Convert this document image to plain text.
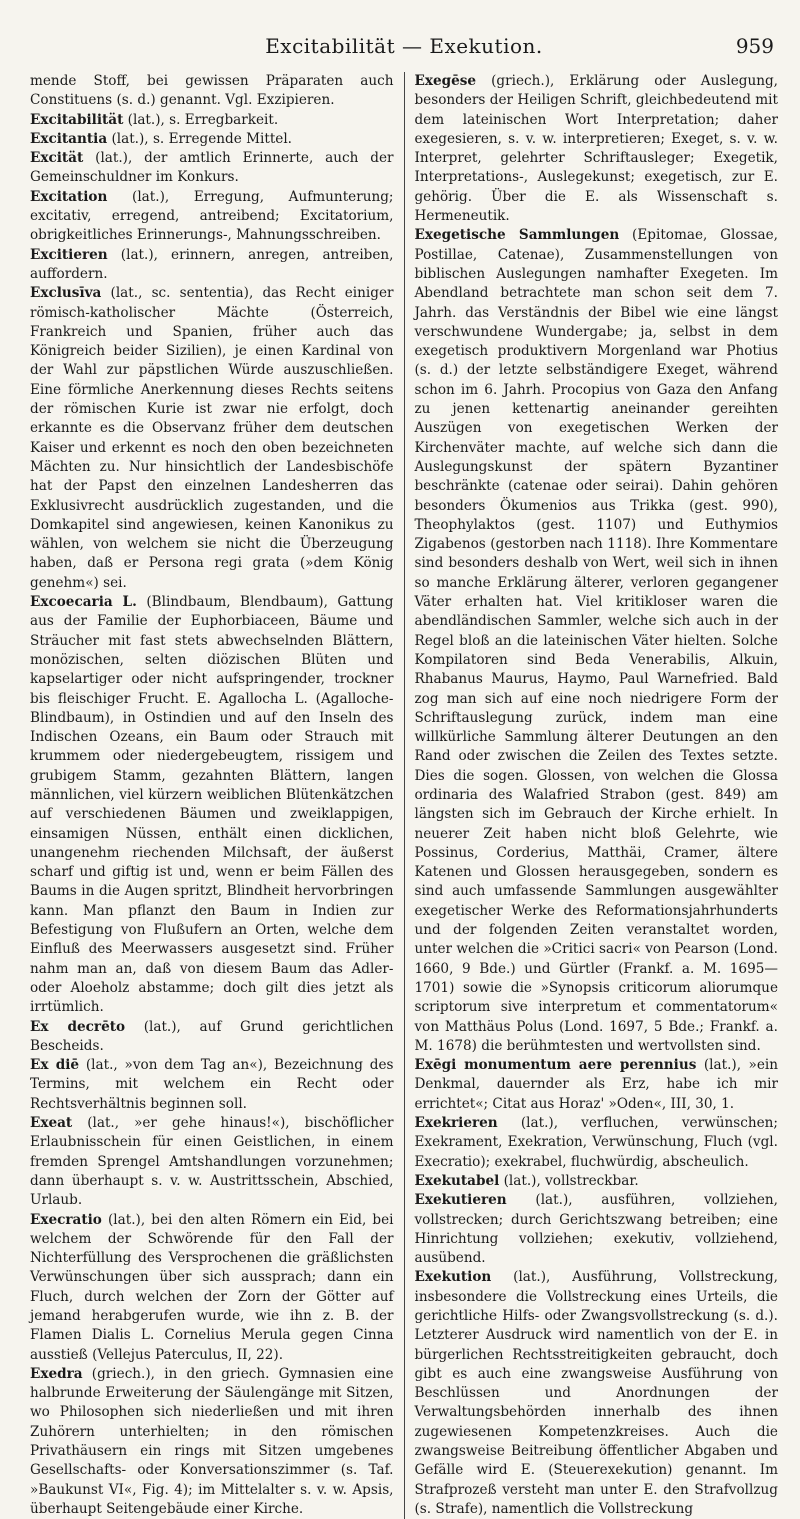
Excitabilität — Exekution.	959

mende Stoff, bei gewissen Präparaten auch Constituens (s. d.) genannt. Vgl. Exzipieren.

Excitabilität (lat.), s. Erregbarkeit.

Excitantia (lat.), s. Erregende Mittel.

Excität (lat.), der amtlich Erinnerte, auch der Gemeinschuldner im Konkurs.

Excitation (lat.), Erregung, Aufmunterung; excitativ, erregend, antreibend; Excitatorium, obrigkeitliches Erinnerungs-, Mahnungsschreiben.

Excitieren (lat.), erinnern, anregen, antreiben, auffordern.

Exclusīva (lat., sc. sententia), das Recht einiger römisch-katholischer Mächte (Österreich, Frankreich und Spanien, früher auch das Königreich beider Sizilien), je einen Kardinal von der Wahl zur päpstlichen Würde auszuschließen. Eine förmliche Anerkennung dieses Rechts seitens der römischen Kurie ist zwar nie erfolgt, doch erkannte es die Observanz früher dem deutschen Kaiser und erkennt es noch den oben bezeichneten Mächten zu. Nur hinsichtlich der Landesbischöfe hat der Papst den einzelnen Landesherren das Exklusivrecht ausdrücklich zugestanden, und die Domkapitel sind angewiesen, keinen Kanonikus zu wählen, von welchem sie nicht die Überzeugung haben, daß er Persona regi grata (»dem König genehm«) sei.

Excoecaria L. (Blindbaum, Blendbaum), Gattung aus der Familie der Euphorbiaceen, Bäume und Sträucher mit fast stets abwechselnden Blättern, monözischen, selten diözischen Blüten und kapselartiger oder nicht aufspringender, trockner bis fleischiger Frucht. E. Agallocha L. (Agalloche-Blindbaum), in Ostindien und auf den Inseln des Indischen Ozeans, ein Baum oder Strauch mit krummem oder niedergebeugtem, rissigem und grubigem Stamm, gezahnten Blättern, langen männlichen, viel kürzern weiblichen Blütenkätzchen auf verschiedenen Bäumen und zweiklappigen, einsamigen Nüssen, enthält einen dicklichen, unangenehm riechenden Milchsaft, der äußerst scharf und giftig ist und, wenn er beim Fällen des Baums in die Augen spritzt, Blindheit hervorbringen kann. Man pflanzt den Baum in Indien zur Befestigung von Flußufern an Orten, welche dem Einfluß des Meerwassers ausgesetzt sind. Früher nahm man an, daß von diesem Baum das Adler- oder Aloeholz abstamme; doch gilt dies jetzt als irrtümlich.

Ex decrēto (lat.), auf Grund gerichtlichen Bescheids.

Ex diē (lat., »von dem Tag an«), Bezeichnung des Termins, mit welchem ein Recht oder Rechtsverhältnis beginnen soll.

Exeat (lat., »er gehe hinaus!«), bischöflicher Erlaubnisschein für einen Geistlichen, in einem fremden Sprengel Amtshandlungen vorzunehmen; dann überhaupt s. v. w. Austrittsschein, Abschied, Urlaub.

Execratio (lat.), bei den alten Römern ein Eid, bei welchem der Schwörende für den Fall der Nichterfüllung des Versprochenen die gräßlichsten Verwünschungen über sich aussprach; dann ein Fluch, durch welchen der Zorn der Götter auf jemand herabgerufen wurde, wie ihn z. B. der Flamen Dialis L. Cornelius Merula gegen Cinna ausstieß (Vellejus Paterculus, II, 22).

Exedra (griech.), in den griech. Gymnasien eine halbrunde Erweiterung der Säulengänge mit Sitzen, wo Philosophen sich niederließen und mit ihren Zuhörern unterhielten; in den römischen Privathäusern ein rings mit Sitzen umgebenes Gesellschafts- oder Konversationszimmer (s. Taf. »Baukunst VI«, Fig. 4); im Mittelalter s. v. w. Apsis, überhaupt Seitengebäude einer Kirche.

Exegēse (griech.), Erklärung oder Auslegung, besonders der Heiligen Schrift, gleichbedeutend mit dem lateinischen Wort Interpretation; daher exegesieren, s. v. w. interpretieren; Exeget, s. v. w. Interpret, gelehrter Schriftausleger; Exegetik, Interpretations-, Auslegekunst; exegetisch, zur E. gehörig. Über die E. als Wissenschaft s. Hermeneutik.

Exegetische Sammlungen (Epitomae, Glossae, Postillae, Catenae), Zusammenstellungen von biblischen Auslegungen namhafter Exegeten. Im Abendland betrachtete man schon seit dem 7. Jahrh. das Verständnis der Bibel wie eine längst verschwundene Wundergabe; ja, selbst in dem exegetisch produktivern Morgenland war Photius (s. d.) der letzte selbständigere Exeget, während schon im 6. Jahrh. Procopius von Gaza den Anfang zu jenen kettenartig aneinander gereihten Auszügen von exegetischen Werken der Kirchenväter machte, auf welche sich dann die Auslegungskunst der spätern Byzantiner beschränkte (catenae oder seirai). Dahin gehören besonders Ökumenios aus Trikka (gest. 990), Theophylaktos (gest. 1107) und Euthymios Zigabenos (gestorben nach 1118). Ihre Kommentare sind besonders deshalb von Wert, weil sich in ihnen so manche Erklärung älterer, verloren gegangener Väter erhalten hat. Viel kritikloser waren die abendländischen Sammler, welche sich auch in der Regel bloß an die lateinischen Väter hielten. Solche Kompilatoren sind Beda Venerabilis, Alkuin, Rhabanus Maurus, Haymo, Paul Warnefried. Bald zog man sich auf eine noch niedrigere Form der Schriftauslegung zurück, indem man eine willkürliche Sammlung älterer Deutungen an den Rand oder zwischen die Zeilen des Textes setzte. Dies die sogen. Glossen, von welchen die Glossa ordinaria des Walafried Strabon (gest. 849) am längsten sich im Gebrauch der Kirche erhielt. In neuerer Zeit haben nicht bloß Gelehrte, wie Possinus, Corderius, Matthäi, Cramer, ältere Katenen und Glossen herausgegeben, sondern es sind auch umfassende Sammlungen ausgewählter exegetischer Werke des Reformationsjahrhunderts und der folgenden Zeiten veranstaltet worden, unter welchen die »Critici sacri« von Pearson (Lond. 1660, 9 Bde.) und Gürtler (Frankf. a. M. 1695—1701) sowie die »Synopsis criticorum aliorumque scriptorum sive interpretum et commentatorum« von Matthäus Polus (Lond. 1697, 5 Bde.; Frankf. a. M. 1678) die berühmtesten und wertvollsten sind.

Exēgi monumentum aere perennius (lat.), »ein Denkmal, dauernder als Erz, habe ich mir errichtet«; Citat aus Horaz' »Oden«, III, 30, 1.

Exekrieren (lat.), verfluchen, verwünschen; Exekrament, Exekration, Verwünschung, Fluch (vgl. Execratio); exekrabel, fluchwürdig, abscheulich.

Exekutabel (lat.), vollstreckbar.

Exekutieren (lat.), ausführen, vollziehen, vollstrecken; durch Gerichtszwang betreiben; eine Hinrichtung vollziehen; exekutiv, vollziehend, ausübend.

Exekution (lat.), Ausführung, Vollstreckung, insbesondere die Vollstreckung eines Urteils, die gerichtliche Hilfs- oder Zwangsvollstreckung (s. d.). Letzterer Ausdruck wird namentlich von der E. in bürgerlichen Rechtsstreitigkeiten gebraucht, doch gibt es auch eine zwangsweise Ausführung von Beschlüssen und Anordnungen der Verwaltungsbehörden innerhalb des ihnen zugewiesenen Kompetenzkreises. Auch die zwangsweise Beitreibung öffentlicher Abgaben und Gefälle wird E. (Steuerexekution) genannt. Im Strafprozeß versteht man unter E. den Strafvollzug (s. Strafe), namentlich die Vollstreckung
